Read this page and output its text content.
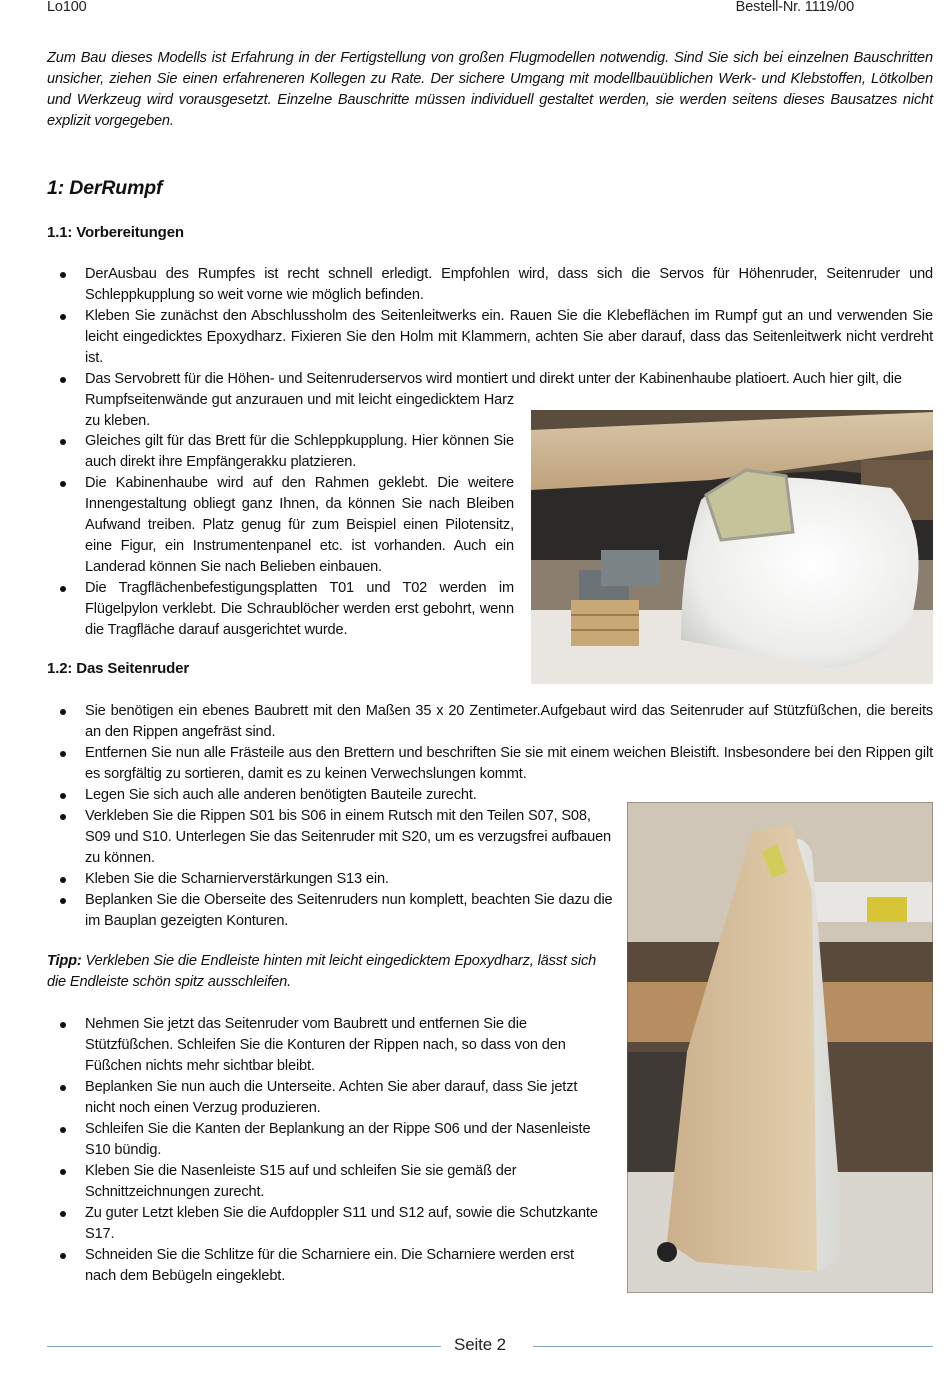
Lo100	Bestell-Nr. 1119/00

Zum Bau dieses Modells ist Erfahrung in der Fertigstellung von großen Flugmodellen notwendig. Sind Sie sich bei einzelnen Bauschritten unsicher, ziehen Sie einen erfahreneren Kollegen zu Rate. Der sichere Umgang mit modellbauüblichen Werk- und Klebstoffen, Lötkolben und Werkzeug wird vorausgesetzt. Einzelne Bauschritte müssen individuell gestaltet werden, sie werden seitens dieses Bausatzes nicht explizit vorgegeben.

1: DerRumpf
1.1: Vorbereitungen
DerAusbau des Rumpfes ist recht schnell erledigt. Empfohlen wird, dass sich die Servos für Höhenruder, Seitenruder und Schleppkupplung so weit vorne wie möglich befinden.
Kleben Sie zunächst den Abschlussholm des Seitenleitwerks ein. Rauen Sie die Klebeflächen im Rumpf gut an und verwenden Sie leicht eingedicktes Epoxydharz. Fixieren Sie den Holm mit Klammern, achten Sie aber darauf, dass das Seitenleitwerk nicht verdreht ist.
Das Servobrett für die Höhen- und Seitenruderservos wird montiert und direkt unter der Kabinenhaube platioert. Auch hier gilt, die
Rumpfseitenwände gut anzurauen und mit leicht eingedicktem Harz zu kleben.
Gleiches gilt für das Brett für die Schleppkupplung. Hier können Sie auch direkt ihre Empfängerakku platzieren.
Die Kabinenhaube wird auf den Rahmen geklebt. Die weitere Innengestaltung obliegt ganz Ihnen, da können Sie nach Bleiben Aufwand treiben. Platz genug für zum Beispiel einen Pilotensitz, eine Figur, ein Instrumentenpanel etc. ist vorhanden. Auch ein Landerad können Sie nach Belieben einbauen.
Die Tragflächenbefestigungsplatten T01 und T02 werden im Flügelpylon verklebt. Die Schraublöcher werden erst gebohrt, wenn die Tragfläche darauf ausgerichtet wurde.
1.2: Das Seitenruder
Sie benötigen ein ebenes Baubrett mit den Maßen 35 x 20 Zentimeter.Aufgebaut wird das Seitenruder auf Stützfüßchen, die bereits an den Rippen angefräst sind.
Entfernen Sie nun alle Frästeile aus den Brettern und beschriften Sie sie mit einem weichen Bleistift. Insbesondere bei den Rippen gilt es sorgfältig zu sortieren, damit es zu keinen Verwechslungen kommt.
Legen Sie sich auch alle anderen benötigten Bauteile zurecht.
Verkleben Sie die Rippen S01 bis S06 in einem Rutsch mit den Teilen S07, S08, S09 und S10. Unterlegen Sie das Seitenruder mit S20, um es verzugsfrei aufbauen zu können.
Kleben Sie die Scharnierverstärkungen S13 ein.
Beplanken Sie die Oberseite des Seitenruders nun komplett, beachten Sie dazu die im Bauplan gezeigten Konturen.
Tipp: Verkleben Sie die Endleiste hinten mit leicht eingedicktem Epoxydharz, lässt sich die Endleiste schön spitz ausschleifen.
Nehmen Sie jetzt das Seitenruder vom Baubrett und entfernen Sie die Stützfüßchen. Schleifen Sie die Konturen der Rippen nach, so dass von den Füßchen nichts mehr sichtbar bleibt.
Beplanken Sie nun auch die Unterseite. Achten Sie aber darauf, dass Sie jetzt nicht noch einen Verzug produzieren.
Schleifen Sie die Kanten der Beplankung an der Rippe S06 und der Nasenleiste S10 bündig.
Kleben Sie die Nasenleiste S15 auf und schleifen Sie sie gemäß der Schnittzeichnungen zurecht.
Zu guter Letzt kleben Sie die Aufdoppler S11 und S12 auf, sowie die Schutzkante S17.
Schneiden Sie die Schlitze für die Scharniere ein. Die Scharniere werden erst nach dem Bebügeln eingeklebt.
Seite 2
